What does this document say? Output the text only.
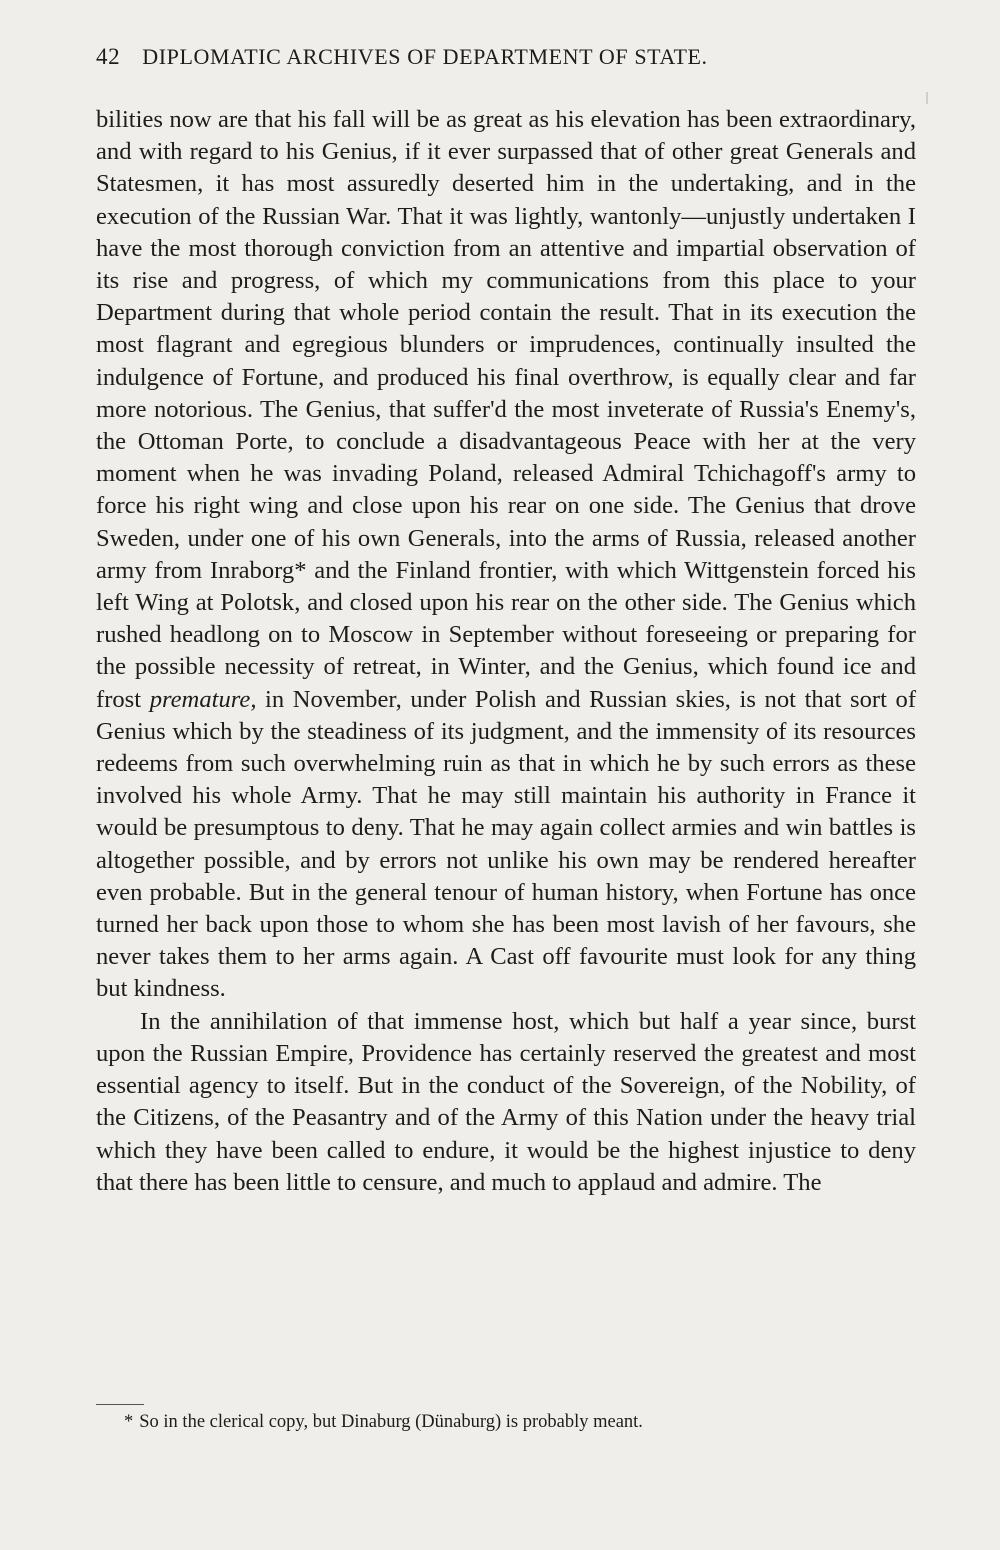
42 DIPLOMATIC ARCHIVES OF DEPARTMENT OF STATE.

bilities now are that his fall will be as great as his elevation has been extraordinary, and with regard to his Genius, if it ever surpassed that of other great Generals and Statesmen, it has most assuredly deserted him in the undertaking, and in the execution of the Russian War. That it was lightly, wantonly—unjustly undertaken I have the most thorough conviction from an attentive and impartial observation of its rise and progress, of which my communications from this place to your Department during that whole period contain the result. That in its execution the most flagrant and egregious blunders or imprudences, continually insulted the indulgence of Fortune, and produced his final overthrow, is equally clear and far more notorious. The Genius, that suffer'd the most inveterate of Russia's Enemy's, the Ottoman Porte, to conclude a disadvantageous Peace with her at the very moment when he was invading Poland, released Admiral Tchichagoff's army to force his right wing and close upon his rear on one side. The Genius that drove Sweden, under one of his own Generals, into the arms of Russia, released another army from Inraborg* and the Finland frontier, with which Wittgenstein forced his left Wing at Polotsk, and closed upon his rear on the other side. The Genius which rushed headlong on to Moscow in September without foreseeing or preparing for the possible necessity of retreat, in Winter, and the Genius, which found ice and frost premature, in November, under Polish and Russian skies, is not that sort of Genius which by the steadiness of its judgment, and the immensity of its resources redeems from such overwhelming ruin as that in which he by such errors as these involved his whole Army. That he may still maintain his authority in France it would be presumptous to deny. That he may again collect armies and win battles is altogether possible, and by errors not unlike his own may be rendered hereafter even probable. But in the general tenour of human history, when Fortune has once turned her back upon those to whom she has been most lavish of her favours, she never takes them to her arms again. A Cast off favourite must look for any thing but kindness.

In the annihilation of that immense host, which but half a year since, burst upon the Russian Empire, Providence has certainly reserved the greatest and most essential agency to itself. But in the conduct of the Sovereign, of the Nobility, of the Citizens, of the Peasantry and of the Army of this Nation under the heavy trial which they have been called to endure, it would be the highest injustice to deny that there has been little to censure, and much to applaud and admire. The

* So in the clerical copy, but Dinaburg (Dünaburg) is probably meant.
